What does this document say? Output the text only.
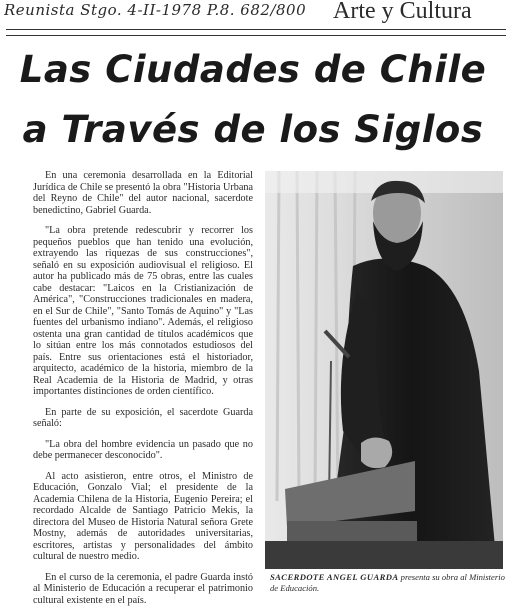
Reunista Stgo. 4-II-1978 P.8. 682/800	Arte y Cultura
Las Ciudades de Chile
a Través de los Siglos

En una ceremonia desarrollada en la Editorial Jurídica de Chile se presentó la obra "Historia Urbana del Reyno de Chile" del autor nacional, sacerdote benedictino, Gabriel Guarda.

"La obra pretende redescubrir y recorrer los pequeños pueblos que han tenido una evolución, extrayendo las riquezas de sus construcciones", señaló en su exposición audiovisual el religioso. El autor ha publicado más de 75 obras, entre las cuales cabe destacar: "Laicos en la Cristianización de América", "Construcciones tradicionales en madera, en el Sur de Chile", "Santo Tomás de Aquino" y "Las fuentes del urbanismo indiano". Además, el religioso ostenta una gran cantidad de títulos académicos que lo sitúan entre los más connotados estudiosos del país. Entre sus orientaciones está el historiador, arquitecto, académico de la historia, miembro de la Real Academia de la Historia de Madrid, y otras importantes distinciones de orden científico.

En parte de su exposición, el sacerdote Guarda señaló:

"La obra del hombre evidencia un pasado que no debe permanecer desconocido".

Al acto asistieron, entre otros, el Ministro de Educación, Gonzalo Vial; el presidente de la Academia Chilena de la Historia, Eugenio Pereira; el recordado Alcalde de Santiago Patricio Mekis, la directora del Museo de Historia Natural señora Grete Mostny, además de autoridades universitarias, escritores, artistas y personalidades del ámbito cultural de nuestro medio.

En el curso de la ceremonia, el padre Guarda instó al Ministerio de Educación a recuperar el patrimonio cultural existente en el país.

SACERDOTE ANGEL GUARDA presenta su obra al Ministerio de Educación.
